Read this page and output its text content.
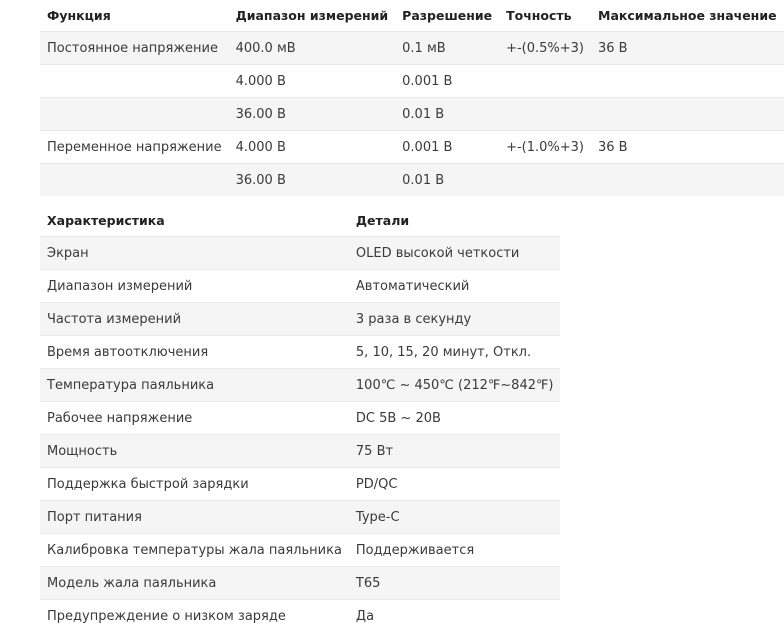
Функция	Диапазон измерений	Разрешение	Точность	Максимальное значение
Постоянное напряжение	400.0 мВ	0.1 мВ	+-(0.5%+3)	36 В
	4.000 В	0.001 В		
	36.00 В	0.01 В		
Переменное напряжение	4.000 В	0.001 В	+-(1.0%+3)	36 В
	36.00 В	0.01 В		
Характеристика	Детали
Экран	OLED высокой четкости
Диапазон измерений	Автоматический
Частота измерений	3 раза в секунду
Время автоотключения	5, 10, 15, 20 минут, Откл.
Температура паяльника	100℃ ~ 450℃ (212℉~842℉)
Рабочее напряжение	DC 5В ~ 20В
Мощность	75 Вт
Поддержка быстрой зарядки	PD/QC
Порт питания	Type-C
Калибровка температуры жала паяльника	Поддерживается
Модель жала паяльника	T65
Предупреждение о низком заряде	Да
